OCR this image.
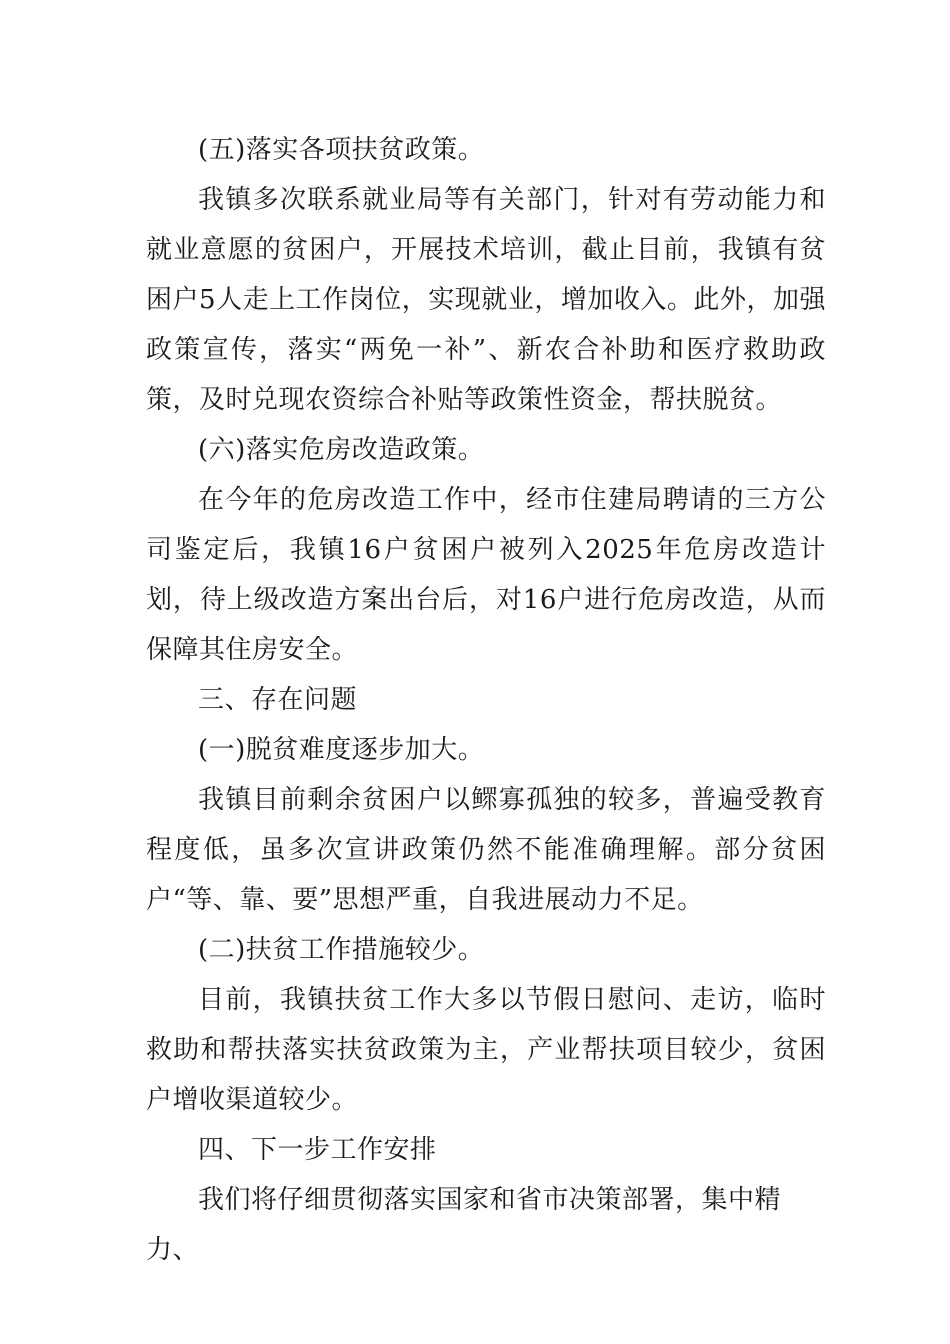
(五)落实各项扶贫政策。

我镇多次联系就业局等有关部门，针对有劳动能力和就业意愿的贫困户，开展技术培训，截止目前，我镇有贫困户5人走上工作岗位，实现就业，增加收入。此外，加强政策宣传，落实“两免一补”、新农合补助和医疗救助政策，及时兑现农资综合补贴等政策性资金，帮扶脱贫。

(六)落实危房改造政策。

在今年的危房改造工作中，经市住建局聘请的三方公司鉴定后，我镇16户贫困户被列入2025年危房改造计划，待上级改造方案出台后，对16户进行危房改造，从而保障其住房安全。

三、存在问题

(一)脱贫难度逐步加大。

我镇目前剩余贫困户以鳏寡孤独的较多，普遍受教育程度低，虽多次宣讲政策仍然不能准确理解。部分贫困户“等、靠、要”思想严重，自我进展动力不足。

(二)扶贫工作措施较少。

目前，我镇扶贫工作大多以节假日慰问、走访，临时救助和帮扶落实扶贫政策为主，产业帮扶项目较少，贫困户增收渠道较少。

四、下一步工作安排

我们将仔细贯彻落实国家和省市决策部署，集中精力、
